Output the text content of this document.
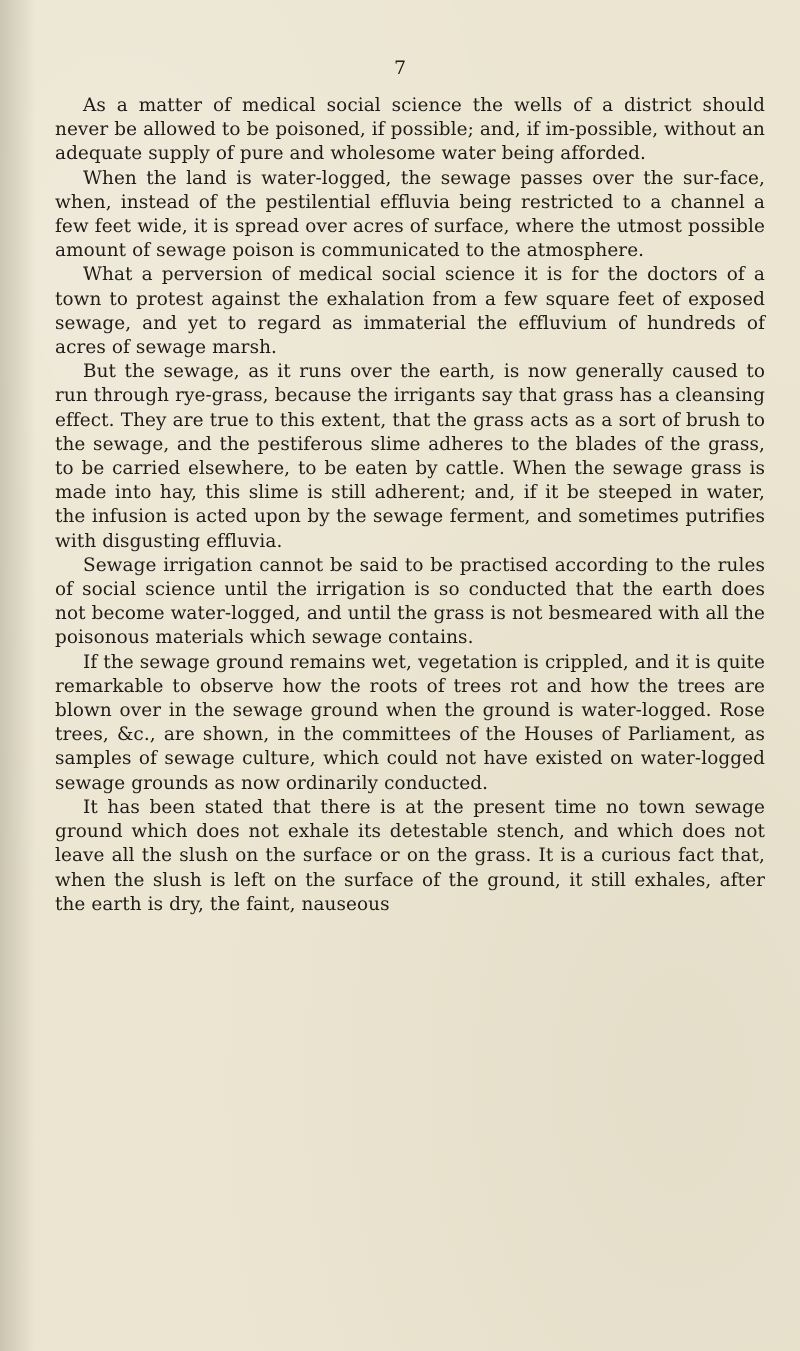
7

As a matter of medical social science the wells of a district should never be allowed to be poisoned, if possible; and, if im-possible, without an adequate supply of pure and wholesome water being afforded.

When the land is water-logged, the sewage passes over the sur-face, when, instead of the pestilential effluvia being restricted to a channel a few feet wide, it is spread over acres of surface, where the utmost possible amount of sewage poison is communicated to the atmosphere.

What a perversion of medical social science it is for the doctors of a town to protest against the exhalation from a few square feet of exposed sewage, and yet to regard as immaterial the effluvium of hundreds of acres of sewage marsh.

But the sewage, as it runs over the earth, is now generally caused to run through rye-grass, because the irrigants say that grass has a cleansing effect. They are true to this extent, that the grass acts as a sort of brush to the sewage, and the pestiferous slime adheres to the blades of the grass, to be carried elsewhere, to be eaten by cattle. When the sewage grass is made into hay, this slime is still adherent; and, if it be steeped in water, the infusion is acted upon by the sewage ferment, and sometimes putrifies with disgusting effluvia.

Sewage irrigation cannot be said to be practised according to the rules of social science until the irrigation is so conducted that the earth does not become water-logged, and until the grass is not besmeared with all the poisonous materials which sewage contains.

If the sewage ground remains wet, vegetation is crippled, and it is quite remarkable to observe how the roots of trees rot and how the trees are blown over in the sewage ground when the ground is water-logged. Rose trees, &c., are shown, in the committees of the Houses of Parliament, as samples of sewage culture, which could not have existed on water-logged sewage grounds as now ordinarily conducted.

It has been stated that there is at the present time no town sewage ground which does not exhale its detestable stench, and which does not leave all the slush on the surface or on the grass. It is a curious fact that, when the slush is left on the surface of the ground, it still exhales, after the earth is dry, the faint, nauseous
